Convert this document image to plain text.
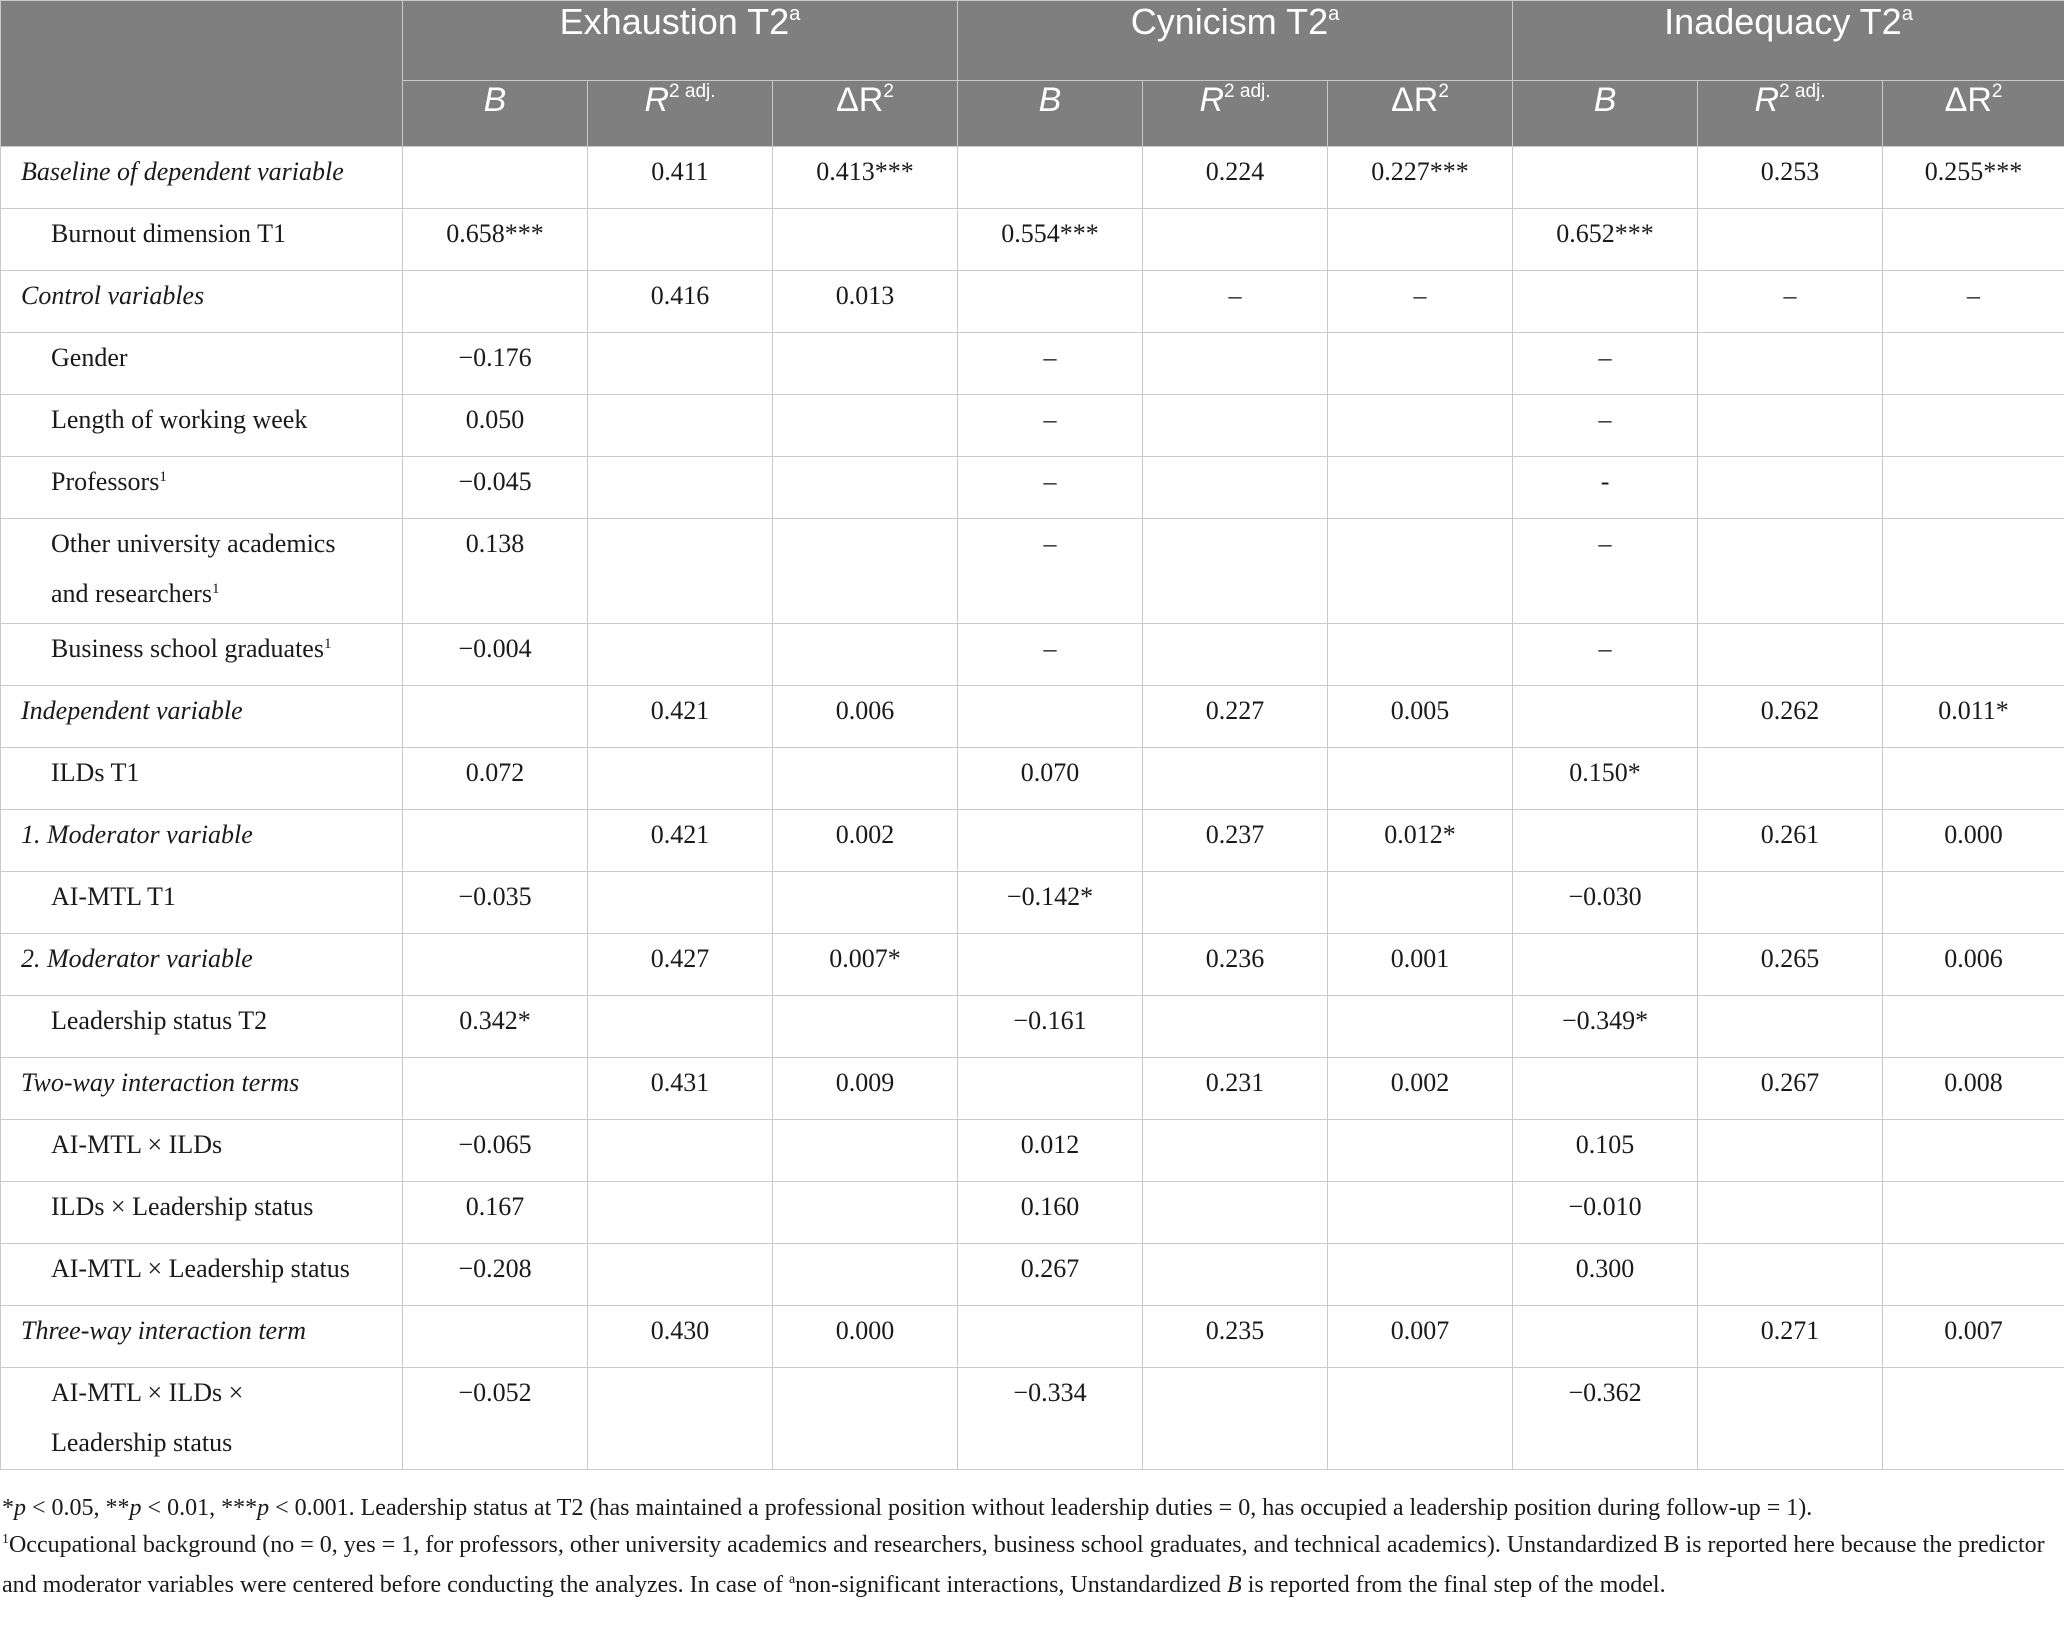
	Exhaustion T2$^a$			Cynicism T2$^a$			Inadequacy T2$^a$
	B	$R^{2 adj.}$	$\Delta R^2$	B	$R^{2 adj.}$	$\Delta R^2$	B	$R^{2 adj.}$	$\Delta R^2$
Baseline of dependent variable		0.411	0.413***		0.224	0.227***		0.253	0.255***
Burnout dimension T1	0.658***			0.554***			0.652***		
Control variables		0.416	0.013		–	–		–	–
Gender	−0.176			–			–		
Length of working week	0.050			–			–		
Professors$^1$	−0.045			–			-		
Other university academics
and researchers$^1$	0.138			–			–		
Business school graduates$^1$	−0.004			–			–		
Independent variable		0.421	0.006		0.227	0.005		0.262	0.011*
ILDs T1	0.072			0.070			0.150*		
1. Moderator variable		0.421	0.002		0.237	0.012*		0.261	0.000
AI-MTL T1	−0.035			−0.142*			−0.030		
2. Moderator variable		0.427	0.007*		0.236	0.001		0.265	0.006
Leadership status T2	0.342*			−0.161			−0.349*		
Two-way interaction terms		0.431	0.009		0.231	0.002		0.267	0.008
AI-MTL × ILDs	−0.065			0.012			0.105		
ILDs × Leadership status	0.167			0.160			−0.010		
AI-MTL × Leadership status	−0.208			0.267			0.300		
Three-way interaction term		0.430	0.000		0.235	0.007		0.271	0.007
AI-MTL × ILDs ×
Leadership status	−0.052			−0.334			−0.362		

*p < 0.05, **p < 0.01, ***p < 0.001. Leadership status at T2 (has maintained a professional position without leadership duties = 0, has occupied a leadership position during follow-up = 1).

$^1$Occupational background (no = 0, yes = 1, for professors, other university academics and researchers, business school graduates, and technical academics). Unstandardized B is reported here because the predictor and moderator variables were centered before conducting the analyzes. In case of $^a$non-significant interactions, Unstandardized B is reported from the final step of the model.
